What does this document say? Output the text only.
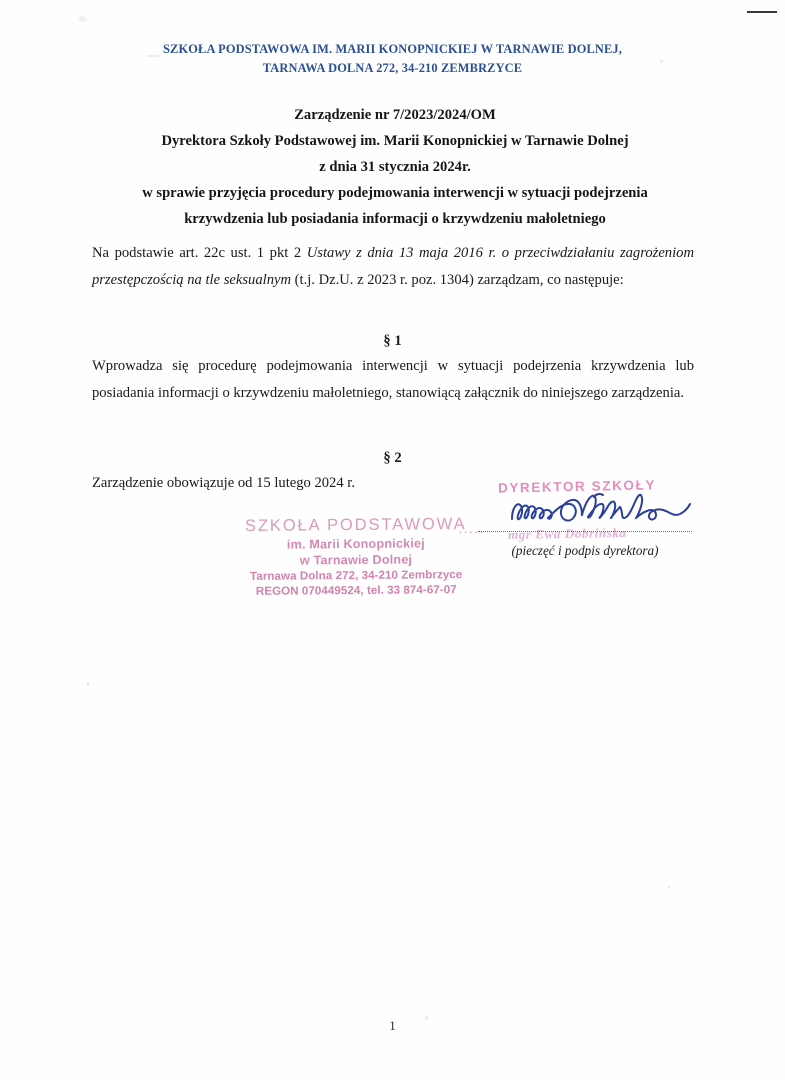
SZKOŁA PODSTAWOWA IM. MARII KONOPNICKIEJ W TARNAWIE DOLNEJ,
TARNAWA DOLNA 272, 34-210 ZEMBRZYCE
Zarządzenie nr 7/2023/2024/OM
Dyrektora Szkoły Podstawowej im. Marii Konopnickiej w Tarnawie Dolnej
z dnia 31 stycznia 2024r.
w sprawie przyjęcia procedury podejmowania interwencji w sytuacji podejrzenia
krzywdzenia lub posiadania informacji o krzywdzeniu małoletniego
Na podstawie art. 22c ust. 1 pkt 2 Ustawy z dnia 13 maja 2016 r. o przeciwdziałaniu zagrożeniom przestępczością na tle seksualnym (t.j. Dz.U. z 2023 r. poz. 1304) zarządzam, co następuje:
§ 1
Wprowadza się procedurę podejmowania interwencji w sytuacji podejrzenia krzywdzenia lub posiadania informacji o krzywdzeniu małoletniego, stanowiącą załącznik do niniejszego zarządzenia.
§ 2
Zarządzenie obowiązuje od 15 lutego 2024 r.
SZKOŁA PODSTAWOWA
im. Marii Konopnickiej
w Tarnawie Dolnej
Tarnawa Dolna 272, 34-210 Zembrzyce
REGON 070449524, tel. 33 874-67-07
·····
DYREKTOR SZKOŁY
mgr Ewa Dobrińska
(pieczęć i podpis dyrektora)
1
